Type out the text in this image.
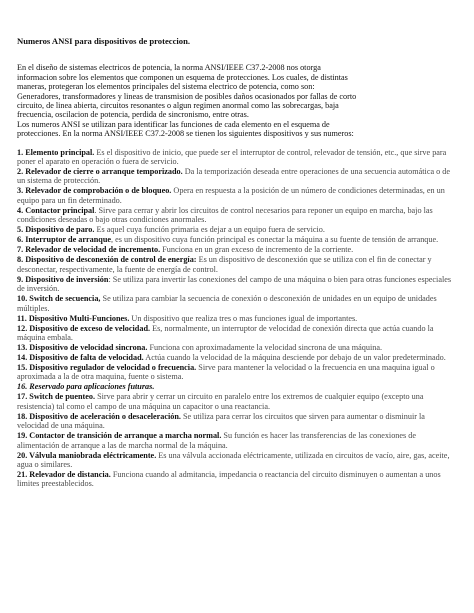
Numeros ANSI para dispositivos de proteccion.

En el diseño de sistemas electricos de potencia, la norma ANSI/IEEE C37.2-2008 nos otorga
informacion sobre los elementos que componen un esquema de protecciones. Los cuales, de distintas
maneras, protegeran los elementos principales del sistema electrico de potencia, como son:
Generadores, transformadores y lineas de transmision de posibles daños ocasionados por fallas de corto
circuito, de linea abierta, circuitos resonantes o algun regimen anormal como las sobrecargas, baja
frecuencia, oscilacion de potencia, perdida de sincronismo, entre otras.
Los numeros ANSI se utilizan para identificar las funciones de cada elemento en el esquema de
protecciones. En la norma ANSI/IEEE C37.2-2008 se tienen los siguientes dispositivos y sus numeros:

1. Elemento principal. Es el dispositivo de inicio, que puede ser el interruptor de control, relevador de tensión, etc., que sirve para poner el aparato en operación o fuera de servicio.
2. Relevador de cierre o arranque temporizado. Da la temporización deseada entre operaciones de una secuencia automática o de un sistema de protección.
3. Relevador de comprobación o de bloqueo. Opera en respuesta a la posición de un número de condiciones determinadas, en un equipo para un fin determinado.
4. Contactor principal. Sirve para cerrar y abrir los circuitos de control necesarios para reponer un equipo en marcha, bajo las condiciones deseadas o bajo otras condiciones anormales.
5. Dispositivo de paro. Es aquel cuya función primaria es dejar a un equipo fuera de servicio.
6. Interruptor de arranque, es un dispositivo cuya función principal es conectar la máquina a su fuente de tensión de arranque.
7. Relevador de velocidad de incremento. Funciona en un gran exceso de incremento de la corriente.
8. Dispositivo de desconexión de control de energía: Es un dispositivo de desconexión que se utiliza con el fin de conectar y desconectar, respectivamente, la fuente de energía de control.
9. Dispositivo de inversión: Se utiliza para invertir las conexiones del campo de una máquina o bien para otras funciones especiales de inversión.
10. Switch de secuencia, Se utiliza para cambiar la secuencia de conexión o desconexión de unidades en un equipo de unidades múltiples.
11. Dispositivo Multi-Funciones. Un dispositivo que realiza tres o mas funciones igual de importantes.
12. Dispositivo de exceso de velocidad. Es, normalmente, un interruptor de velocidad de conexión directa que actúa cuando la máquina embala.
13. Dispositivo de velocidad sincrona. Funciona con aproximadamente la velocidad sincrona de una máquina.
14. Dispositivo de falta de velocidad. Actúa cuando la velocidad de la máquina desciende por debajo de un valor predeterminado.
15. Dispositivo regulador de velocidad o frecuencia. Sirve para mantener la velocidad o la frecuencia en una maquina igual o aproximada a la de otra maquina, fuente o sistema.
16. Reservado para aplicaciones futuras.
17. Switch de puenteo. Sirve para abrir y cerrar un circuito en paralelo entre los extremos de cualquier equipo (excepto una resistencia) tal como el campo de una máquina un capacitor o una reactancia.
18. Dispositivo de aceleración o desaceleración. Se utiliza para cerrar los circuitos que sirven para aumentar o disminuir la velocidad de una máquina.
19. Contactor de transición de arranque a marcha normal. Su función es hacer las transferencias de las conexiones de alimentación de arranque a las de marcha normal de la máquina.
20. Válvula maniobrada eléctricamente. Es una válvula accionada eléctricamente, utilizada en circuitos de vacío, aire, gas, aceite, agua o similares.
21. Relevador de distancia. Funciona cuando al admitancia, impedancia o reactancia del circuito disminuyen o aumentan a unos limites preestablecidos.
